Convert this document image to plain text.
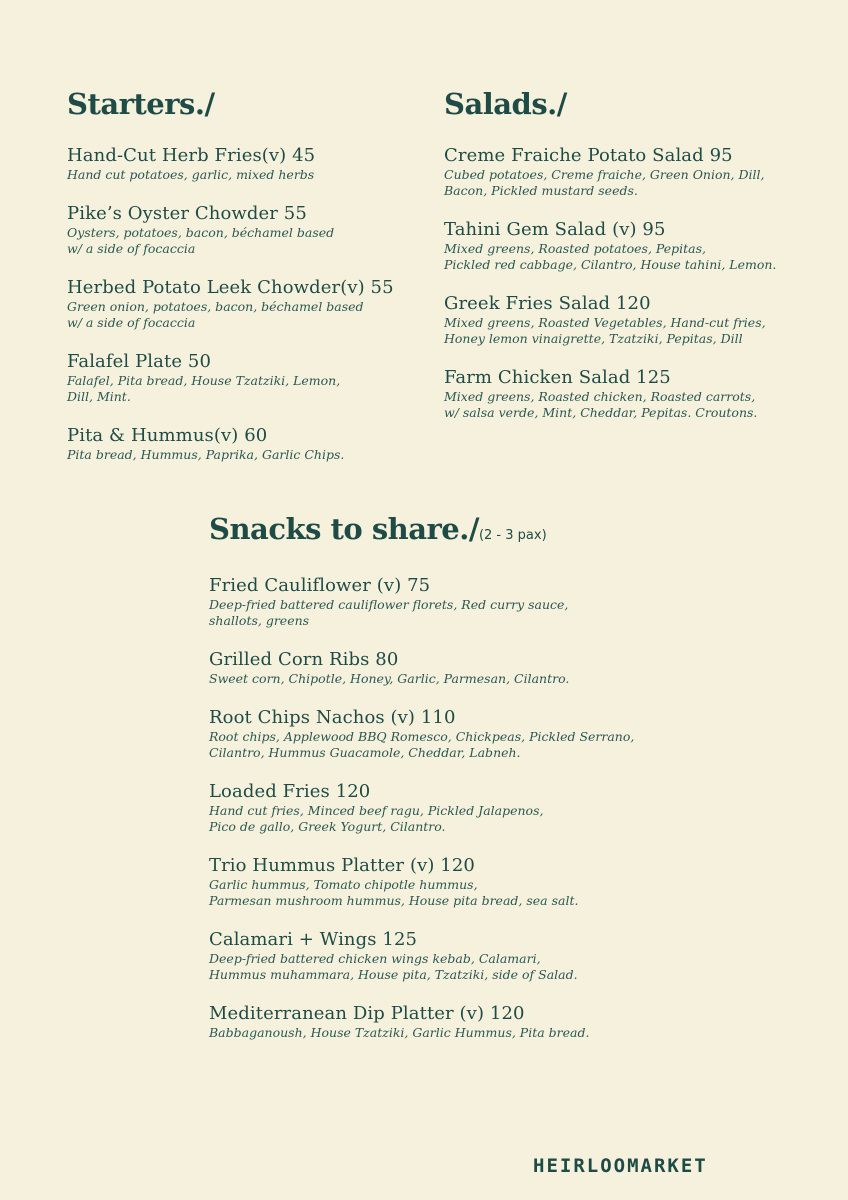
Starters./
Hand-Cut Herb Fries(v) 45
Hand cut potatoes, garlic, mixed herbs
Pike’s Oyster Chowder 55
Oysters, potatoes, bacon, béchamel based
w/ a side of focaccia
Herbed Potato Leek Chowder(v) 55
Green onion, potatoes, bacon, béchamel based
w/ a side of focaccia
Falafel Plate 50
Falafel, Pita bread, House Tzatziki, Lemon,
Dill, Mint.
Pita & Hummus(v) 60
Pita bread, Hummus, Paprika, Garlic Chips.
Salads./
Creme Fraiche Potato Salad 95
Cubed potatoes, Creme fraiche, Green Onion, Dill,
Bacon, Pickled mustard seeds.
Tahini Gem Salad (v) 95
Mixed greens, Roasted potatoes, Pepitas,
Pickled red cabbage, Cilantro, House tahini, Lemon.
Greek Fries Salad 120
Mixed greens, Roasted Vegetables, Hand-cut fries,
Honey lemon vinaigrette, Tzatziki, Pepitas, Dill
Farm Chicken Salad 125
Mixed greens, Roasted chicken, Roasted carrots,
w/ salsa verde, Mint, Cheddar, Pepitas. Croutons.
Snacks to share./(2 - 3 pax)
Fried Cauliflower (v) 75
Deep-fried battered cauliflower florets, Red curry sauce,
shallots, greens
Grilled Corn Ribs 80
Sweet corn, Chipotle, Honey, Garlic, Parmesan, Cilantro.
Root Chips Nachos (v) 110
Root chips, Applewood BBQ Romesco, Chickpeas, Pickled Serrano,
Cilantro, Hummus Guacamole, Cheddar, Labneh.
Loaded Fries 120
Hand cut fries, Minced beef ragu, Pickled Jalapenos,
Pico de gallo, Greek Yogurt, Cilantro.
Trio Hummus Platter (v) 120
Garlic hummus, Tomato chipotle hummus,
Parmesan mushroom hummus, House pita bread, sea salt.
Calamari + Wings 125
Deep-fried battered chicken wings kebab, Calamari,
Hummus muhammara, House pita, Tzatziki, side of Salad.
Mediterranean Dip Platter (v) 120
Babbaganoush, House Tzatziki, Garlic Hummus, Pita bread.
HEIRLOOMARKET
